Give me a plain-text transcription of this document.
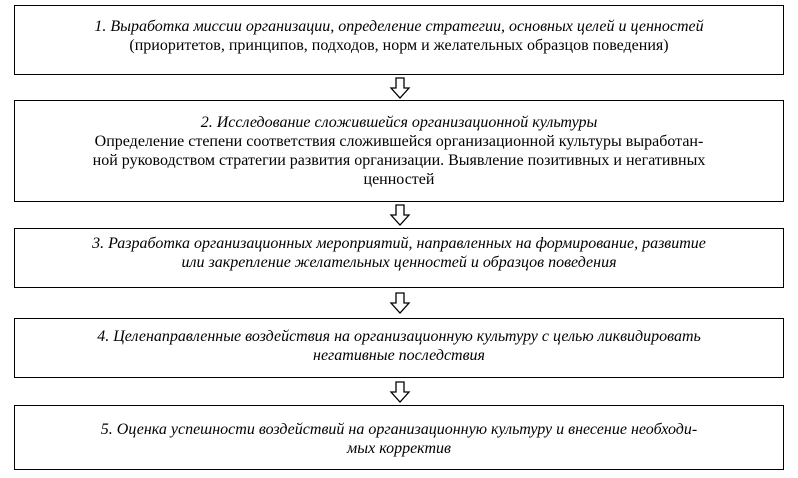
1. Выработка миссии организации, определение стратегии, основных целей и ценностей
(приоритетов, принципов, подходов, норм и желательных образцов поведения)
2. Исследование сложившейся организационной культуры
Определение степени соответствия сложившейся организационной культуры выработан-
ной руководством стратегии развития организации. Выявление позитивных и негативных
ценностей
3. Разработка организационных мероприятий, направленных на формирование, развитие
или закрепление желательных ценностей и образцов поведения
4. Целенаправленные воздействия на организационную культуру с целью ликвидировать
негативные последствия
5. Оценка успешности воздействий на организационную культуру и внесение необходи-
мых корректив
